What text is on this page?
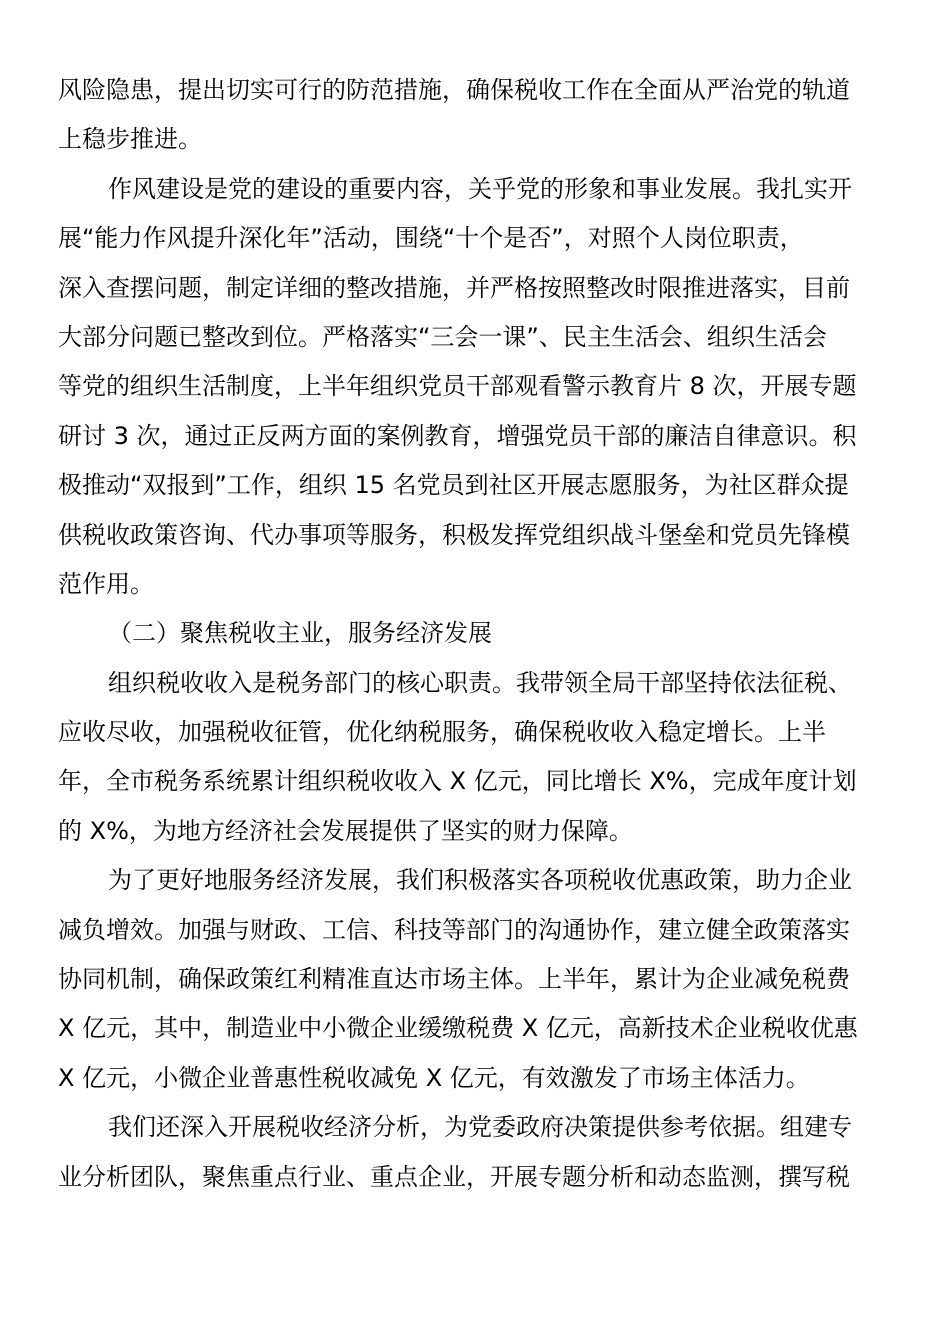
风险隐患，提出切实可行的防范措施，确保税收工作在全面从严治党的轨道
上稳步推进。
作风建设是党的建设的重要内容，关乎党的形象和事业发展。我扎实开
展“能力作风提升深化年”活动，围绕“十个是否”，对照个人岗位职责，
深入查摆问题，制定详细的整改措施，并严格按照整改时限推进落实，目前
大部分问题已整改到位。严格落实“三会一课”、民主生活会、组织生活会
等党的组织生活制度，上半年组织党员干部观看警示教育片 8 次，开展专题
研讨 3 次，通过正反两方面的案例教育，增强党员干部的廉洁自律意识。积
极推动“双报到”工作，组织 15 名党员到社区开展志愿服务，为社区群众提
供税收政策咨询、代办事项等服务，积极发挥党组织战斗堡垒和党员先锋模
范作用。
（二）聚焦税收主业，服务经济发展
组织税收收入是税务部门的核心职责。我带领全局干部坚持依法征税、
应收尽收，加强税收征管，优化纳税服务，确保税收收入稳定增长。上半
年，全市税务系统累计组织税收收入 X 亿元，同比增长 X%，完成年度计划
的 X%，为地方经济社会发展提供了坚实的财力保障。
为了更好地服务经济发展，我们积极落实各项税收优惠政策，助力企业
减负增效。加强与财政、工信、科技等部门的沟通协作，建立健全政策落实
协同机制，确保政策红利精准直达市场主体。上半年，累计为企业减免税费
X 亿元，其中，制造业中小微企业缓缴税费 X 亿元，高新技术企业税收优惠
X 亿元，小微企业普惠性税收减免 X 亿元，有效激发了市场主体活力。
我们还深入开展税收经济分析，为党委政府决策提供参考依据。组建专
业分析团队，聚焦重点行业、重点企业，开展专题分析和动态监测，撰写税
